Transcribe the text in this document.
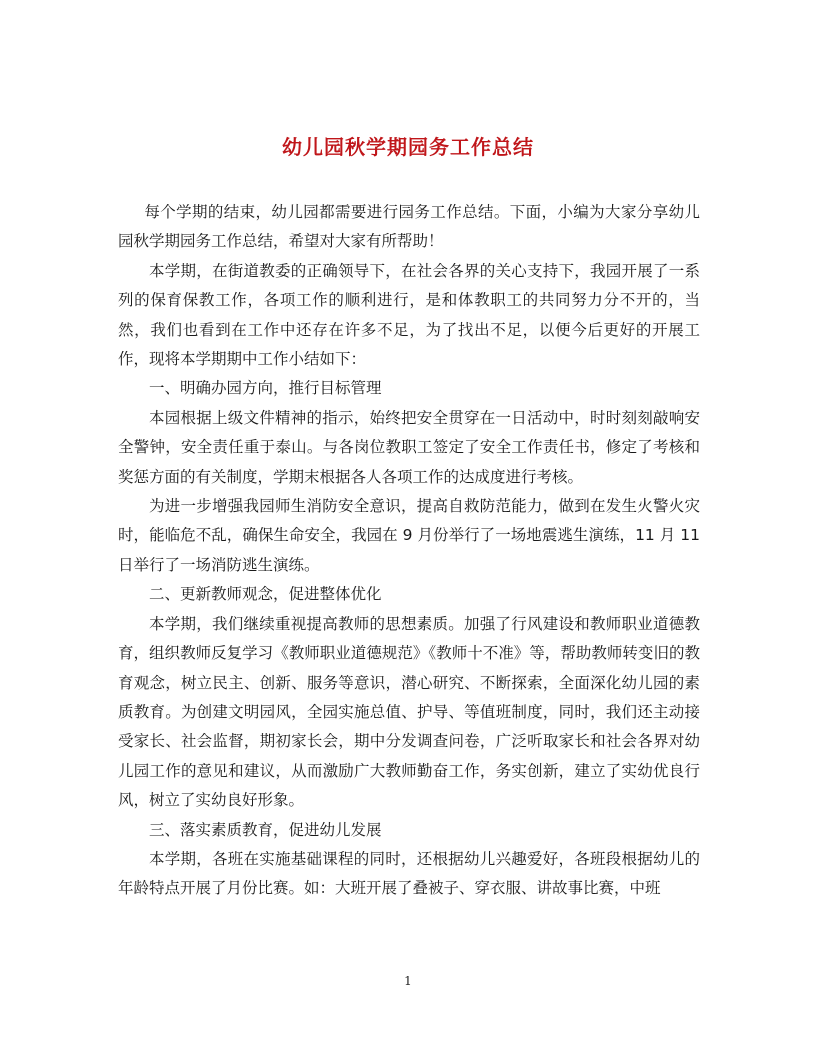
幼儿园秋学期园务工作总结

每个学期的结束，幼儿园都需要进行园务工作总结。下面，小编为大家分享幼儿园秋学期园务工作总结，希望对大家有所帮助！

本学期，在街道教委的正确领导下，在社会各界的关心支持下，我园开展了一系列的保育保教工作，各项工作的顺利进行，是和体教职工的共同努力分不开的，当然，我们也看到在工作中还存在许多不足，为了找出不足，以便今后更好的开展工作，现将本学期期中工作小结如下：

一、明确办园方向，推行目标管理

本园根据上级文件精神的指示，始终把安全贯穿在一日活动中，时时刻刻敲响安全警钟，安全责任重于泰山。与各岗位教职工签定了安全工作责任书，修定了考核和奖惩方面的有关制度，学期末根据各人各项工作的达成度进行考核。

为进一步增强我园师生消防安全意识，提高自救防范能力，做到在发生火警火灾时，能临危不乱，确保生命安全，我园在 9 月份举行了一场地震逃生演练，11 月 11 日举行了一场消防逃生演练。

二、更新教师观念，促进整体优化

本学期，我们继续重视提高教师的思想素质。加强了行风建设和教师职业道德教育，组织教师反复学习《教师职业道德规范》《教师十不准》等，帮助教师转变旧的教育观念，树立民主、创新、服务等意识，潜心研究、不断探索，全面深化幼儿园的素质教育。为创建文明园风，全园实施总值、护导、等值班制度，同时，我们还主动接受家长、社会监督，期初家长会，期中分发调查问卷，广泛听取家长和社会各界对幼儿园工作的意见和建议，从而激励广大教师勤奋工作，务实创新，建立了实幼优良行风，树立了实幼良好形象。

三、落实素质教育，促进幼儿发展

本学期，各班在实施基础课程的同时，还根据幼儿兴趣爱好，各班段根据幼儿的年龄特点开展了月份比赛。如：大班开展了叠被子、穿衣服、讲故事比赛，中班

1
